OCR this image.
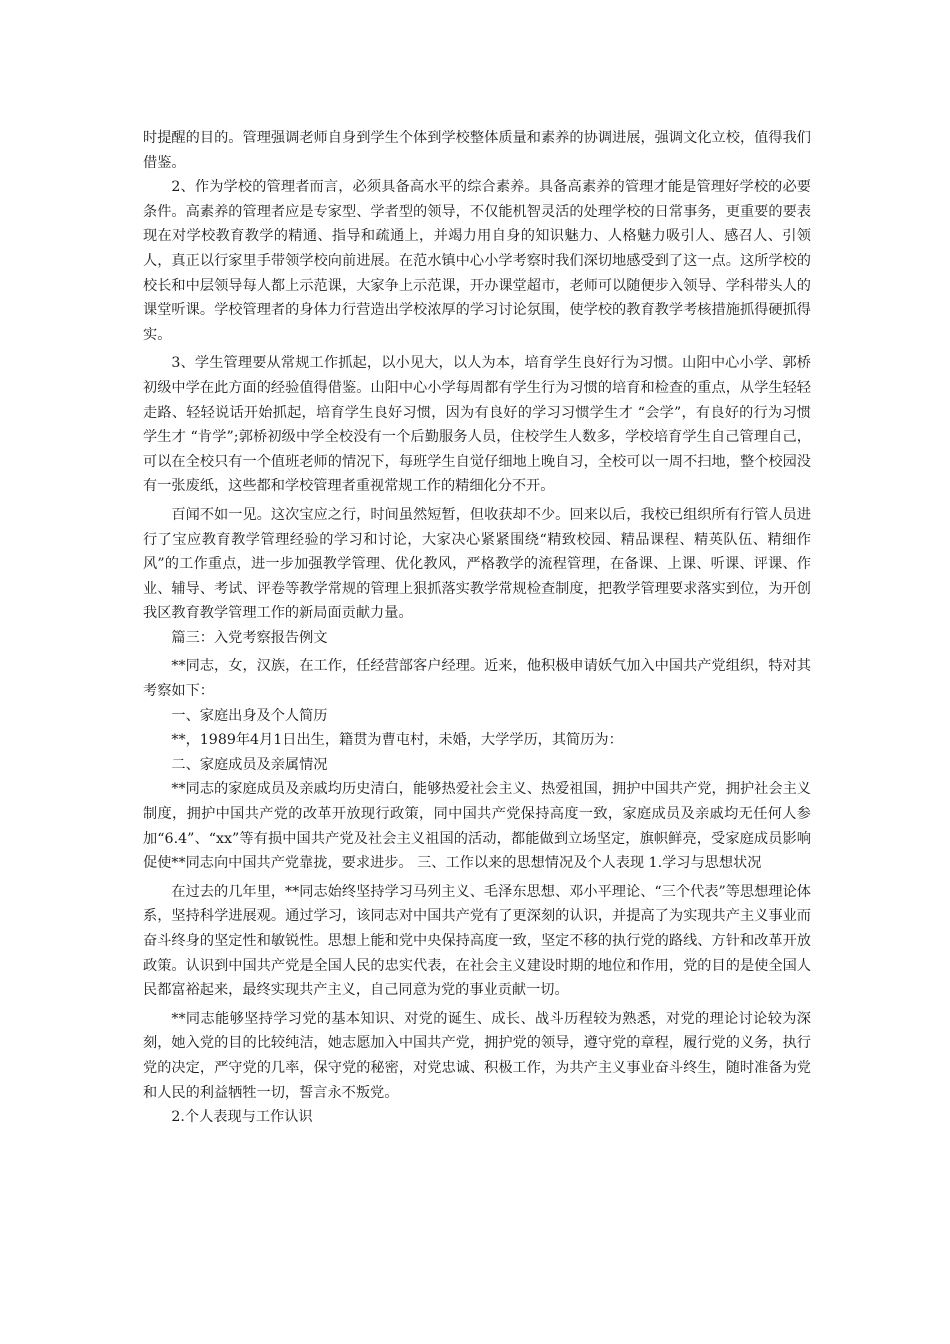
时提醒的目的。管理强调老师自身到学生个体到学校整体质量和素养的协调进展，强调文化立校，值得我们借鉴。

2、作为学校的管理者而言，必须具备高水平的综合素养。具备高素养的管理才能是管理好学校的必要条件。高素养的管理者应是专家型、学者型的领导，不仅能机智灵活的处理学校的日常事务，更重要的要表现在对学校教育教学的精通、指导和疏通上，并竭力用自身的知识魅力、人格魅力吸引人、感召人、引领人，真正以行家里手带领学校向前进展。在范水镇中心小学考察时我们深切地感受到了这一点。这所学校的校长和中层领导每人都上示范课，大家争上示范课，开办课堂超市，老师可以随便步入领导、学科带头人的课堂听课。学校管理者的身体力行营造出学校浓厚的学习讨论氛围，使学校的教育教学考核措施抓得硬抓得实。

3、学生管理要从常规工作抓起，以小见大，以人为本，培育学生良好行为习惯。山阳中心小学、郭桥初级中学在此方面的经验值得借鉴。山阳中心小学每周都有学生行为习惯的培育和检查的重点，从学生轻轻走路、轻轻说话开始抓起，培育学生良好习惯，因为有良好的学习习惯学生才 “会学”，有良好的行为习惯学生才 “肯学”;郭桥初级中学全校没有一个后勤服务人员，住校学生人数多，学校培育学生自己管理自己，可以在全校只有一个值班老师的情况下，每班学生自觉仔细地上晚自习，全校可以一周不扫地，整个校园没有一张废纸，这些都和学校管理者重视常规工作的精细化分不开。

百闻不如一见。这次宝应之行，时间虽然短暂，但收获却不少。回来以后，我校已组织所有行管人员进行了宝应教育教学管理经验的学习和讨论，大家决心紧紧围绕“精致校园、精品课程、精英队伍、精细作风”的工作重点，进一步加强教学管理、优化教风，严格教学的流程管理，在备课、上课、听课、评课、作业、辅导、考试、评卷等教学常规的管理上狠抓落实教学常规检查制度，把教学管理要求落实到位，为开创我区教育教学管理工作的新局面贡献力量。

篇三：入党考察报告例文

**同志，女，汉族，在工作，任经营部客户经理。近来，他积极申请妖气加入中国共产党组织，特对其考察如下：

一、家庭出身及个人简历

**，1989年4月1日出生，籍贯为曹屯村，未婚，大学学历，其简历为：

二、家庭成员及亲属情况

**同志的家庭成员及亲戚均历史清白，能够热爱社会主义、热爱祖国，拥护中国共产党，拥护社会主义制度，拥护中国共产党的改革开放现行政策，同中国共产党保持高度一致，家庭成员及亲戚均无任何人参加“6.4”、“xx”等有损中国共产党及社会主义祖国的活动，都能做到立场坚定，旗帜鲜亮，受家庭成员影响促使**同志向中国共产党靠拢，要求进步。 三、工作以来的思想情况及个人表现 1.学习与思想状况

在过去的几年里，**同志始终坚持学习马列主义、毛泽东思想、邓小平理论、“三个代表”等思想理论体系，坚持科学进展观。通过学习，该同志对中国共产党有了更深刻的认识，并提高了为实现共产主义事业而奋斗终身的坚定性和敏锐性。思想上能和党中央保持高度一致，坚定不移的执行党的路线、方针和改革开放政策。认识到中国共产党是全国人民的忠实代表，在社会主义建设时期的地位和作用，党的目的是使全国人民都富裕起来，最终实现共产主义，自己同意为党的事业贡献一切。

**同志能够坚持学习党的基本知识、对党的诞生、成长、战斗历程较为熟悉，对党的理论讨论较为深刻，她入党的目的比较纯洁，她志愿加入中国共产党，拥护党的领导，遵守党的章程，履行党的义务，执行党的决定，严守党的几率，保守党的秘密，对党忠诚、积极工作，为共产主义事业奋斗终生，随时准备为党和人民的利益牺牲一切，誓言永不叛党。

2.个人表现与工作认识
